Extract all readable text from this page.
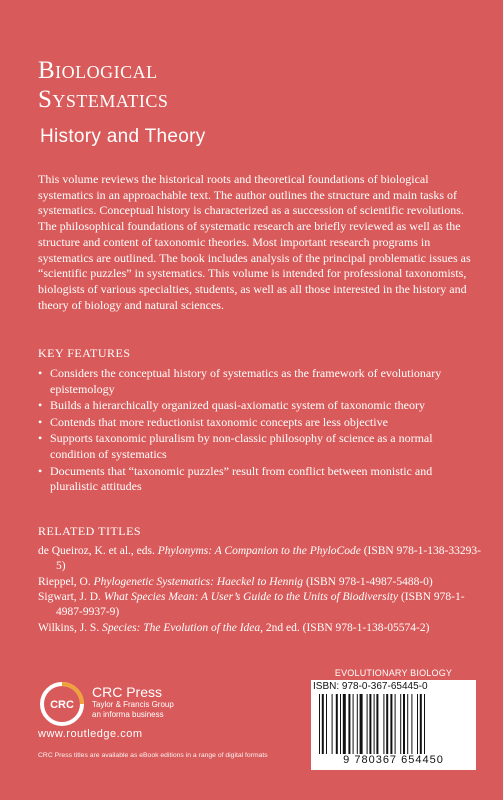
Biological
Systematics
History and Theory

This volume reviews the historical roots and theoretical foundations of biological systematics in an approachable text. The author outlines the structure and main tasks of systematics. Conceptual history is characterized as a succession of scientific revolutions. The philosophical foundations of systematic research are briefly reviewed as well as the structure and content of taxonomic theories. Most important research programs in systematics are outlined. The book includes analysis of the principal problematic issues as “scientific puzzles” in systematics. This volume is intended for professional taxonomists, biologists of various specialties, students, as well as all those interested in the history and theory of biology and natural sciences.

KEY FEATURES
• Considers the conceptual history of systematics as the framework of evolutionary epistemology
• Builds a hierarchically organized quasi-axiomatic system of taxonomic theory
• Contends that more reductionist taxonomic concepts are less objective
• Supports taxonomic pluralism by non-classic philosophy of science as a normal condition of systematics
• Documents that “taxonomic puzzles” result from conflict between monistic and pluralistic attitudes
RELATED TITLES
de Queiroz, K. et al., eds. Phylonyms: A Companion to the PhyloCode (ISBN 978-1-138-33293-5)
Rieppel, O. Phylogenetic Systematics: Haeckel to Hennig (ISBN 978-1-4987-5488-0)
Sigwart, J. D. What Species Mean: A User’s Guide to the Units of Biodiversity (ISBN 978-1-4987-9937-9)
Wilkins, J. S. Species: The Evolution of the Idea, 2nd ed. (ISBN 978-1-138-05574-2)
CRC
CRC Press
Taylor & Francis Group
an informa business
www.routledge.com
CRC Press titles are available as eBook editions in a range of digital formats
EVOLUTIONARY BIOLOGY
ISBN: 978-0-367-65445-0
9 780367 654450
